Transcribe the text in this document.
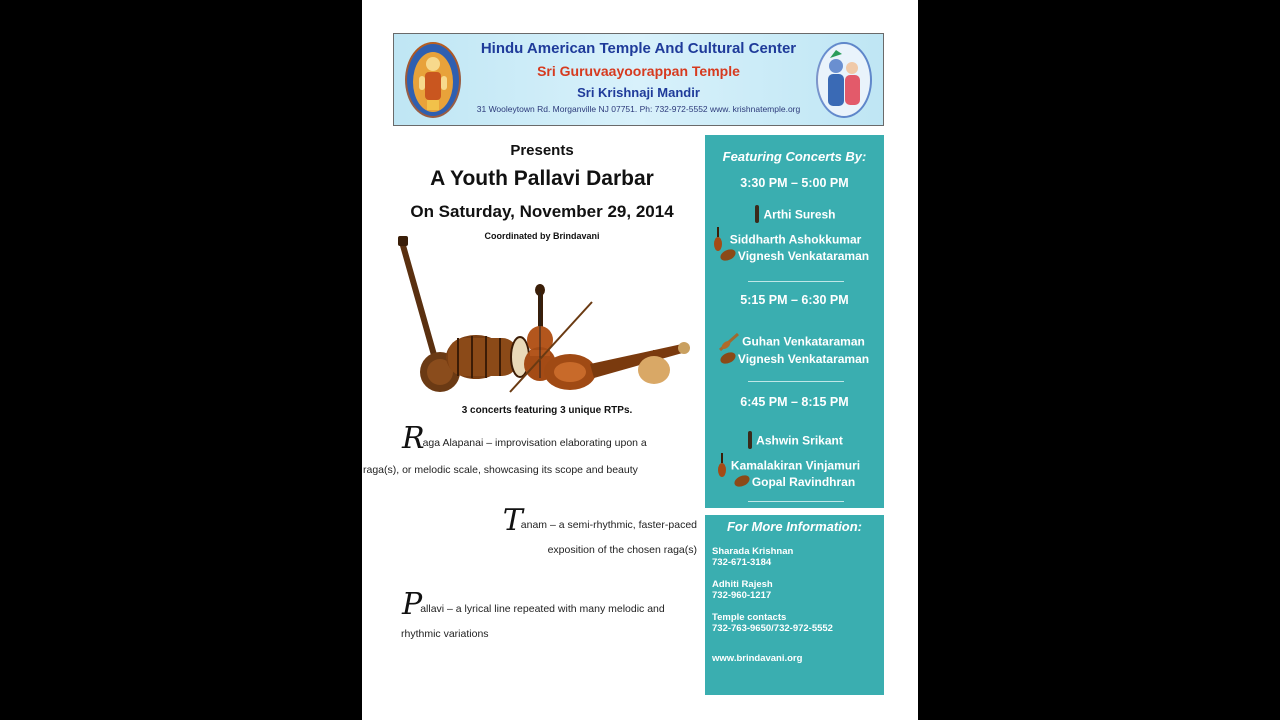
Hindu American Temple And Cultural Center
Sri Guruvaayoorappan Temple
Sri Krishnaji Mandir
31 Wooleytown Rd. Morganville NJ 07751. Ph: 732-972-5552 www. krishnatemple.org
Presents
A Youth Pallavi Darbar
On Saturday, November 29, 2014
Coordinated by Brindavani
3 concerts featuring 3 unique RTPs.
Raga Alapanai – improvisation elaborating upon a
raga(s), or melodic scale, showcasing its scope and beauty
Tanam – a semi-rhythmic, faster-paced
exposition of the chosen raga(s)
Pallavi – a lyrical line repeated with many melodic and
rhythmic variations
Featuring Concerts By:
3:30 PM – 5:00 PM
Arthi Suresh
Siddharth Ashokkumar
Vignesh Venkataraman
5:15 PM – 6:30 PM
Guhan Venkataraman
Vignesh Venkataraman
6:45 PM – 8:15 PM
Ashwin Srikant
Kamalakiran Vinjamuri
Gopal Ravindhran
For More Information:
Sharada Krishnan
732-671-3184
Adhiti Rajesh
732-960-1217
Temple contacts
732-763-9650/732-972-5552
www.brindavani.org
